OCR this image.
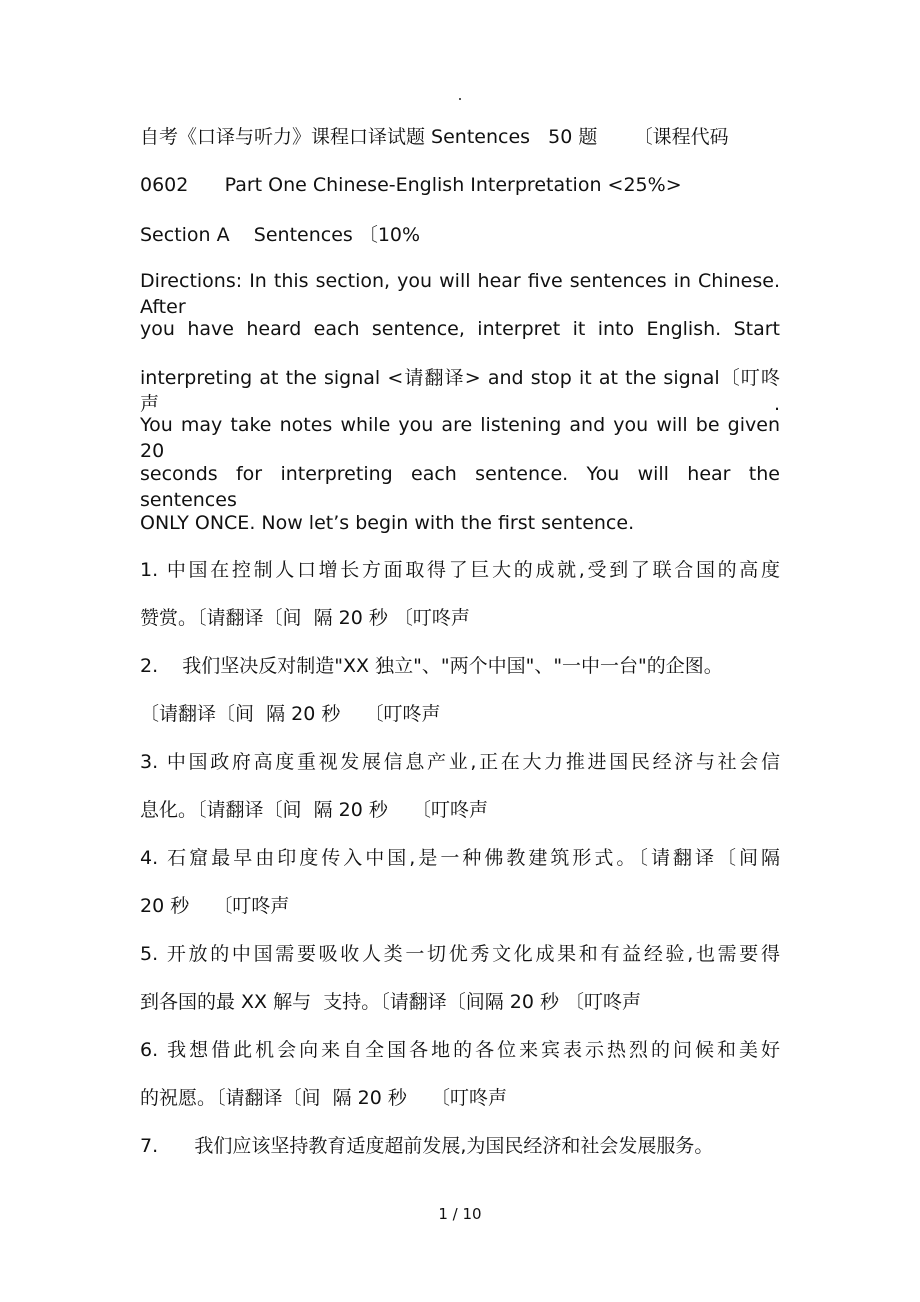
自考《口译与听力》课程口译试题 Sentences   50 题      〔课程代码
0602      Part One Chinese-English Interpretation <25%>
Section A    Sentences 〔10%
Directions: In this section, you will hear five sentences in Chinese. After
you have heard each sentence, interpret it into English. Start
interpreting at the signal <请翻译> and stop it at the signal〔叮咚声.
You may take notes while you are listening and you will be given 20
seconds for interpreting each sentence. You will hear the sentences
ONLY ONCE. Now let’s begin with the first sentence.
1. 中国在控制人口增长方面取得了巨大的成就,受到了联合国的高度
赞赏。〔请翻译〔间  隔 20 秒 〔叮咚声
2.    我们坚决反对制造"XX 独立"、"两个中国"、"一中一台"的企图。
〔请翻译〔间  隔 20 秒    〔叮咚声
3. 中国政府高度重视发展信息产业,正在大力推进国民经济与社会信
息化。〔请翻译〔间  隔 20 秒    〔叮咚声
4. 石窟最早由印度传入中国,是一种佛教建筑形式。〔请翻译〔间隔
20 秒    〔叮咚声
5. 开放的中国需要吸收人类一切优秀文化成果和有益经验,也需要得
到各国的最 XX 解与  支持。〔请翻译〔间隔 20 秒 〔叮咚声
6. 我想借此机会向来自全国各地的各位来宾表示热烈的问候和美好
的祝愿。〔请翻译〔间  隔 20 秒    〔叮咚声
7.      我们应该坚持教育适度超前发展,为国民经济和社会发展服务。
1 / 10
